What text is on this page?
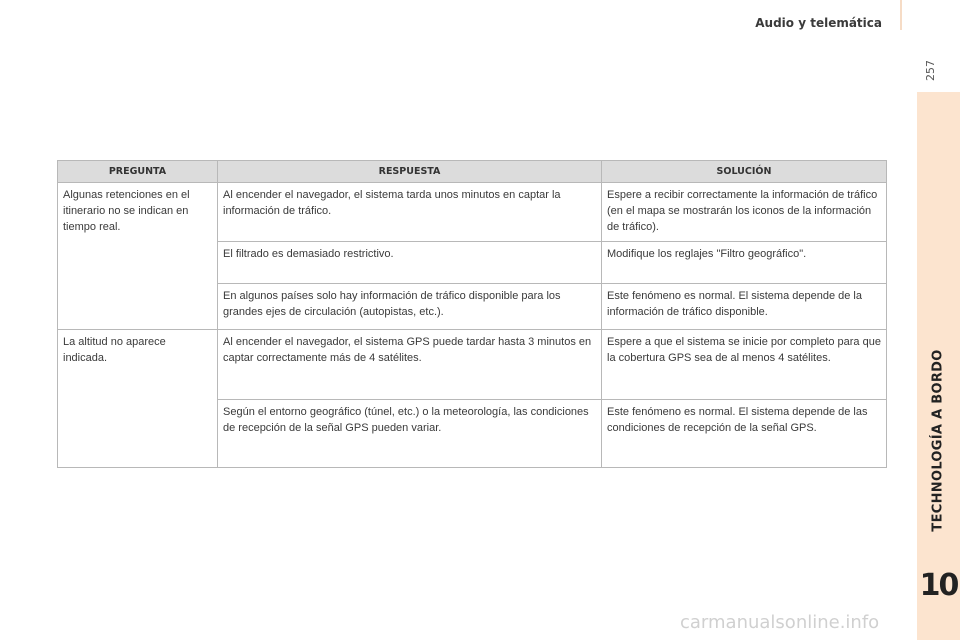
Audio y telemática
257
TECHNOLOGÍA A BORDO
10
PREGUNTA	RESPUESTA	SOLUCIÓN
Algunas retenciones en el itinerario no se indican en tiempo real.	Al encender el navegador, el sistema tarda unos minutos en captar la información de tráfico.	Espere a recibir correctamente la información de tráfico (en el mapa se mostrarán los iconos de la información de tráfico).
	El filtrado es demasiado restrictivo.	Modifique los reglajes "Filtro geográfico".
	En algunos países solo hay información de tráfico disponible para los grandes ejes de circulación (autopistas, etc.).	Este fenómeno es normal. El sistema depende de la información de tráfico disponible.
La altitud no aparece indicada.	Al encender el navegador, el sistema GPS puede tardar hasta 3 minutos en captar correctamente más de 4 satélites.	Espere a que el sistema se inicie por completo para que la cobertura GPS sea de al menos 4 satélites.
	Según el entorno geográfico (túnel, etc.) o la meteorología, las condiciones de recepción de la señal GPS pueden variar.	Este fenómeno es normal. El sistema depende de las condiciones de recepción de la señal GPS.
carmanualsonline.info
